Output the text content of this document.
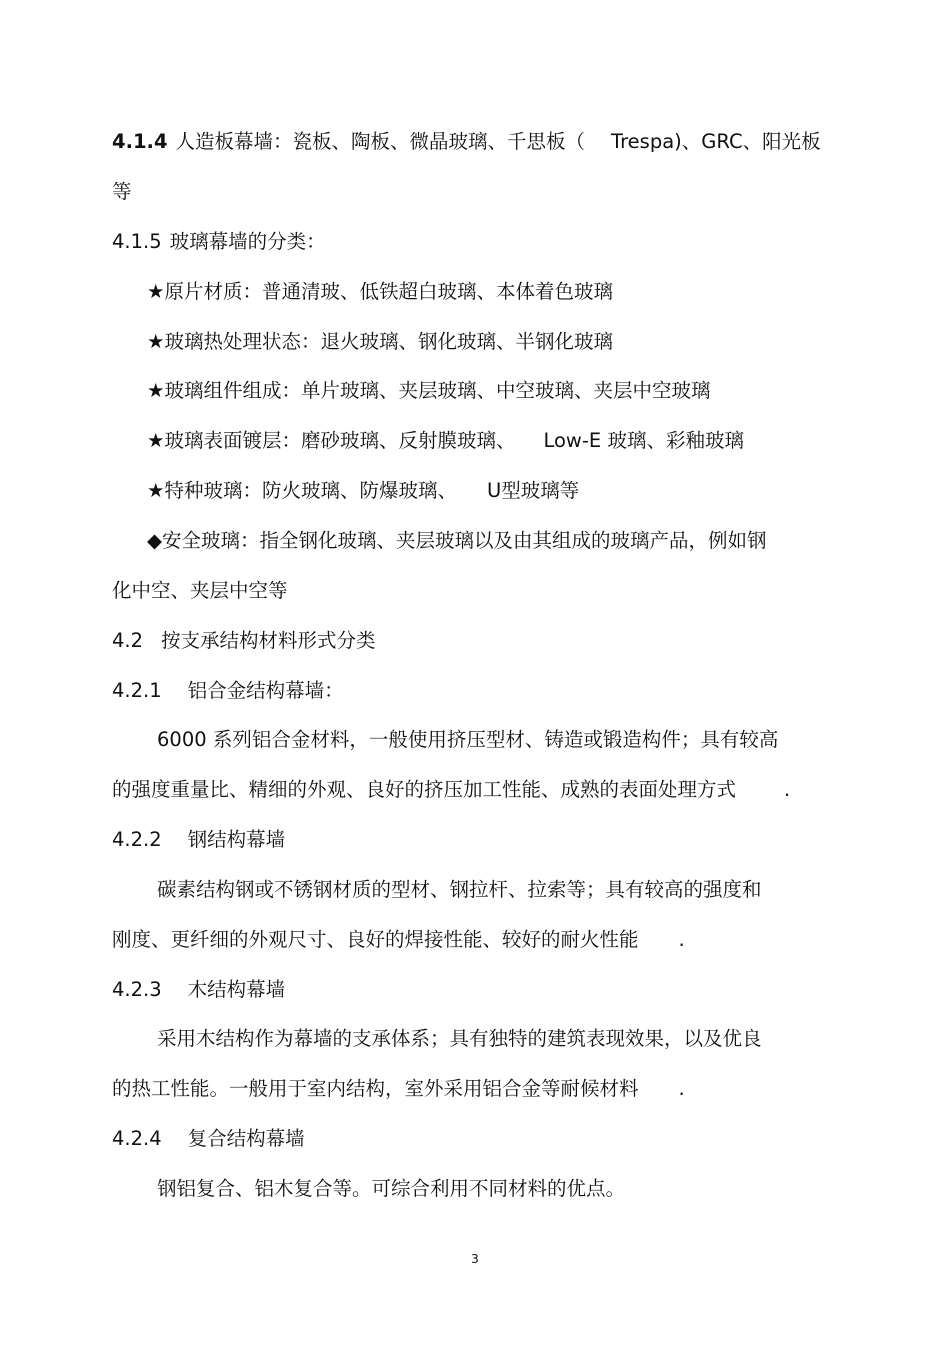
4.1.4 人造板幕墙：瓷板、陶板、微晶玻璃、千思板（ Trespa)、GRC、阳光板
等
4.1.5 玻璃幕墙的分类：
★原片材质：普通清玻、低铁超白玻璃、本体着色玻璃
★玻璃热处理状态：退火玻璃、钢化玻璃、半钢化玻璃
★玻璃组件组成：单片玻璃、夹层玻璃、中空玻璃、夹层中空玻璃
★玻璃表面镀层：磨砂玻璃、反射膜玻璃、 Low-E 玻璃、彩釉玻璃
★特种玻璃：防火玻璃、防爆玻璃、 U型玻璃等
◆安全玻璃：指全钢化玻璃、夹层玻璃以及由其组成的玻璃产品，例如钢
化中空、夹层中空等
4.2 按支承结构材料形式分类
4.2.1 铝合金结构幕墙：
6000 系列铝合金材料，一般使用挤压型材、铸造或锻造构件；具有较高
的强度重量比、精细的外观、良好的挤压加工性能、成熟的表面处理方式 .
4.2.2 钢结构幕墙
碳素结构钢或不锈钢材质的型材、钢拉杆、拉索等；具有较高的强度和
刚度、更纤细的外观尺寸、良好的焊接性能、较好的耐火性能 .
4.2.3 木结构幕墙
采用木结构作为幕墙的支承体系；具有独特的建筑表现效果，以及优良
的热工性能。一般用于室内结构，室外采用铝合金等耐候材料 .
4.2.4 复合结构幕墙
钢铝复合、铝木复合等。可综合利用不同材料的优点。
3
